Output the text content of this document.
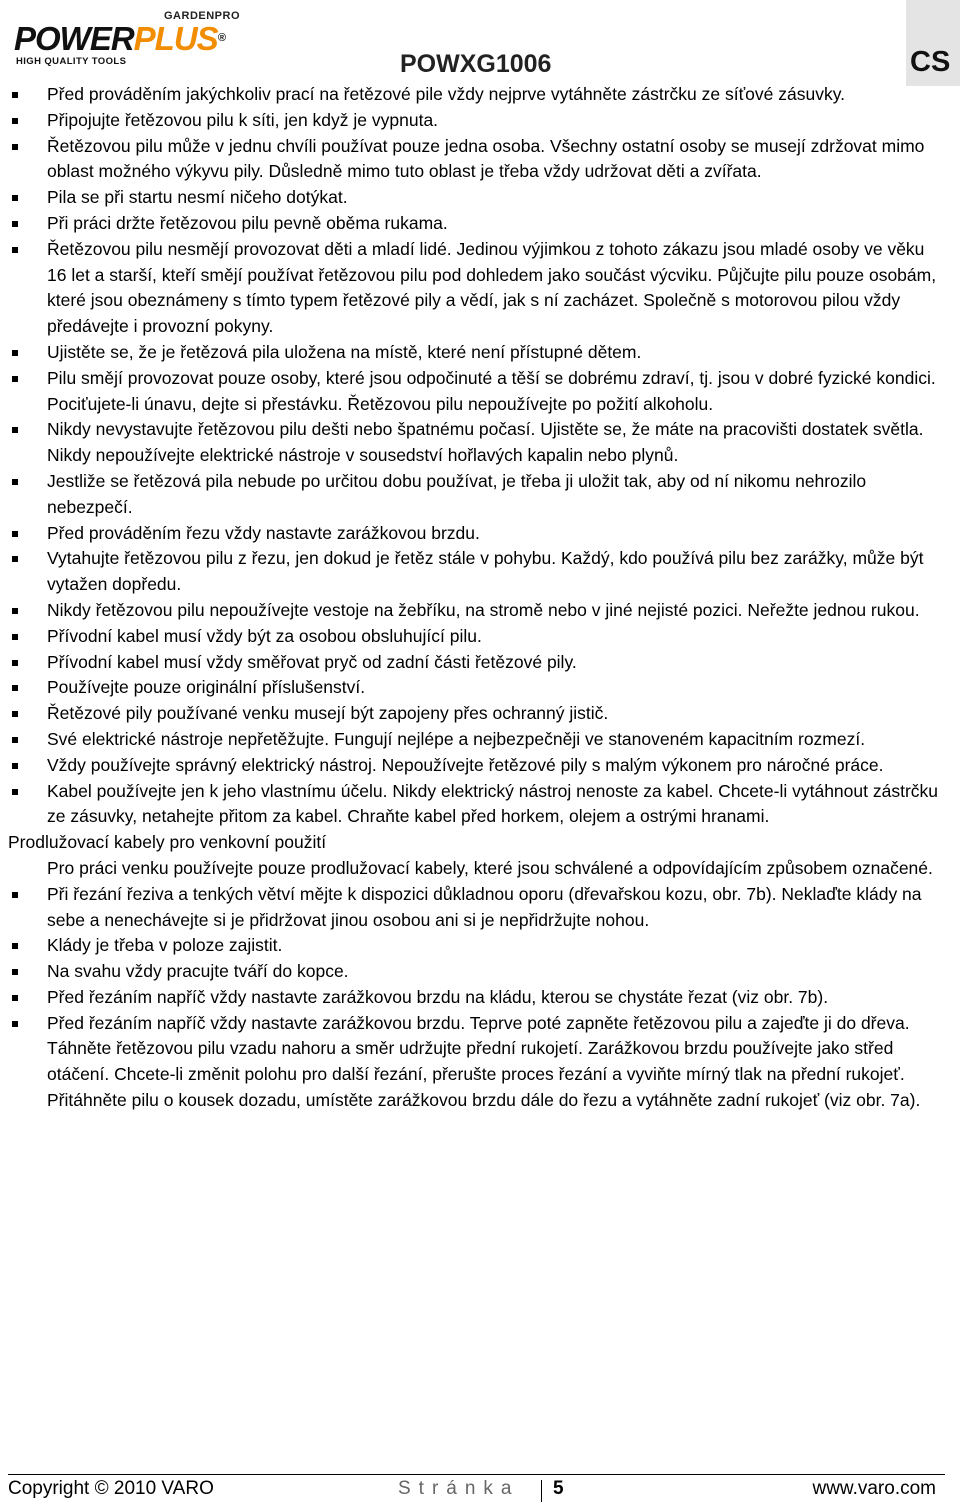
GARDENPRO
POWERPLUS®
HIGH QUALITY TOOLS	POWXG1006	CS
Před prováděním jakýchkoliv prací na řetězové pile vždy nejprve vytáhněte zástrčku ze síťové zásuvky.
Připojujte řetězovou pilu k síti, jen když je vypnuta.
Řetězovou pilu může v jednu chvíli používat pouze jedna osoba. Všechny ostatní osoby se musejí zdržovat mimo oblast možného výkyvu pily. Důsledně mimo tuto oblast je třeba vždy udržovat děti a zvířata.
Pila se při startu nesmí ničeho dotýkat.
Při práci držte řetězovou pilu pevně oběma rukama.
Řetězovou pilu nesmějí provozovat děti a mladí lidé. Jedinou výjimkou z tohoto zákazu jsou mladé osoby ve věku 16 let a starší, kteří smějí používat řetězovou pilu pod dohledem jako součást výcviku. Půjčujte pilu pouze osobám, které jsou obeznámeny s tímto typem řetězové pily a vědí, jak s ní zacházet. Společně s motorovou pilou vždy předávejte i provozní pokyny.
Ujistěte se, že je řetězová pila uložena na místě, které není přístupné dětem.
Pilu smějí provozovat pouze osoby, které jsou odpočinuté a těší se dobrému zdraví, tj. jsou v dobré fyzické kondici. Pociťujete-li únavu, dejte si přestávku. Řetězovou pilu nepoužívejte po požití alkoholu.
Nikdy nevystavujte řetězovou pilu dešti nebo špatnému počasí. Ujistěte se, že máte na pracovišti dostatek světla. Nikdy nepoužívejte elektrické nástroje v sousedství hořlavých kapalin nebo plynů.
Jestliže se řetězová pila nebude po určitou dobu používat, je třeba ji uložit tak, aby od ní nikomu nehrozilo nebezpečí.
Před prováděním řezu vždy nastavte zarážkovou brzdu.
Vytahujte řetězovou pilu z řezu, jen dokud je řetěz stále v pohybu. Každý, kdo používá pilu bez zarážky, může být vytažen dopředu.
Nikdy řetězovou pilu nepoužívejte vestoje na žebříku, na stromě nebo v jiné nejisté pozici. Neřežte jednou rukou.
Přívodní kabel musí vždy být za osobou obsluhující pilu.
Přívodní kabel musí vždy směřovat pryč od zadní části řetězové pily.
Používejte pouze originální příslušenství.
Řetězové pily používané venku musejí být zapojeny přes ochranný jistič.
Své elektrické nástroje nepřetěžujte. Fungují nejlépe a nejbezpečněji ve stanoveném kapacitním rozmezí.
Vždy používejte správný elektrický nástroj. Nepoužívejte řetězové pily s malým výkonem pro náročné práce.
Kabel používejte jen k jeho vlastnímu účelu. Nikdy elektrický nástroj nenoste za kabel. Chcete-li vytáhnout zástrčku ze zásuvky, netahejte přitom za kabel. Chraňte kabel před horkem, olejem a ostrými hranami.
Prodlužovací kabely pro venkovní použití
Pro práci venku používejte pouze prodlužovací kabely, které jsou schválené a odpovídajícím způsobem označené.
Při řezání řeziva a tenkých větví mějte k dispozici důkladnou oporu (dřevařskou kozu, obr. 7b). Neklaďte klády na sebe a nenechávejte si je přidržovat jinou osobou ani si je nepřidržujte nohou.
Klády je třeba v poloze zajistit.
Na svahu vždy pracujte tváří do kopce.
Před řezáním napříč vždy nastavte zarážkovou brzdu na kládu, kterou se chystáte řezat (viz obr. 7b).
Před řezáním napříč vždy nastavte zarážkovou brzdu. Teprve poté zapněte řetězovou pilu a zajeďte ji do dřeva. Táhněte řetězovou pilu vzadu nahoru a směr udržujte přední rukojetí. Zarážkovou brzdu používejte jako střed otáčení. Chcete-li změnit polohu pro další řezání, přerušte proces řezání a vyviňte mírný tlak na přední rukojeť. Přitáhněte pilu o kousek dozadu, umístěte zarážkovou brzdu dále do řezu a vytáhněte zadní rukojeť (viz obr. 7a).
Copyright © 2010 VARO	Stránka 5	www.varo.com
